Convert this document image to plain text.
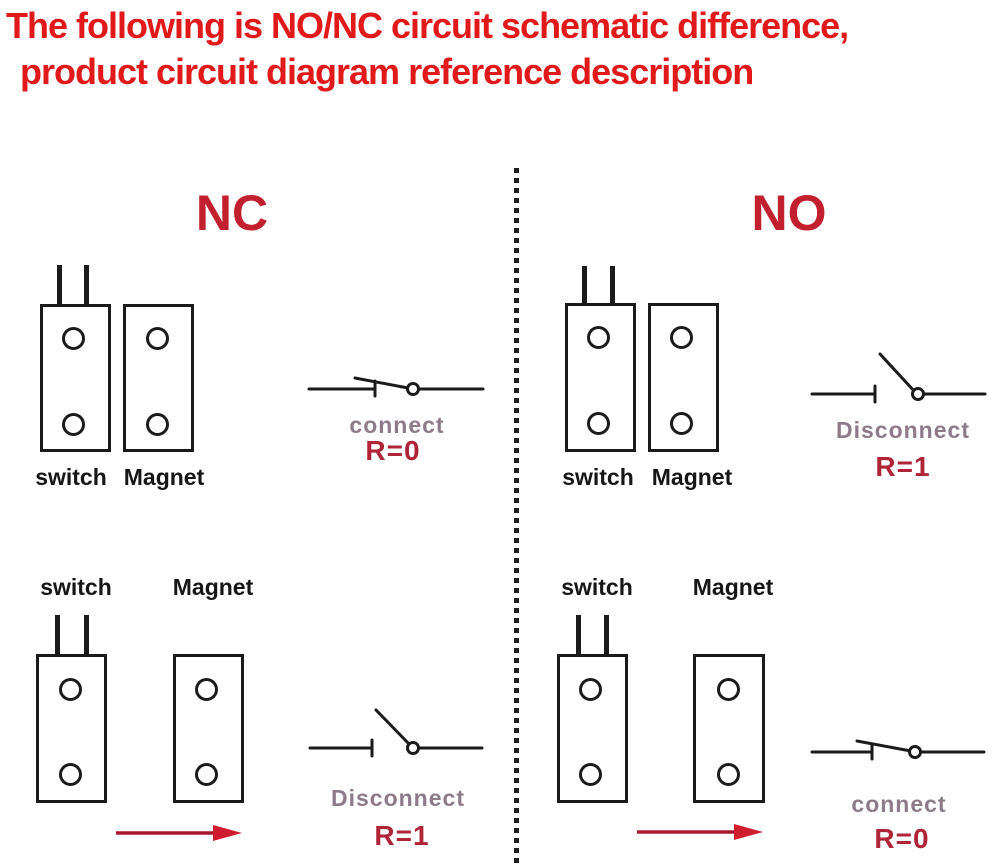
The following is NO/NC circuit schematic difference,
product circuit diagram reference description
NC
switch Magnet
connect
R=0
NO
switch Magnet
Disconnect
R=1
switch	Magnet
Disconnect
R=1
switch	Magnet
connect
R=0
